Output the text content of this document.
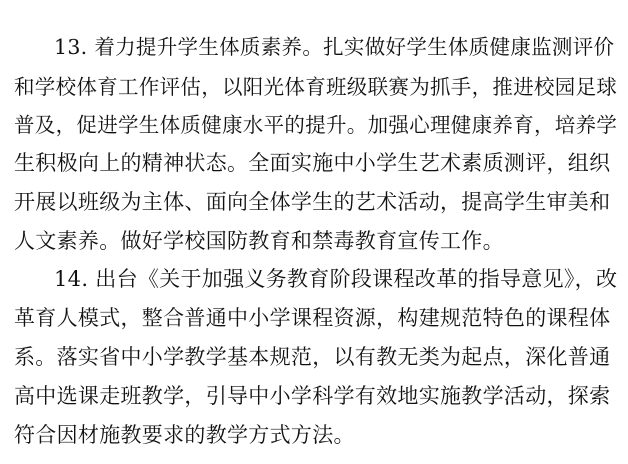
13. 着力提升学生体质素养。扎实做好学生体质健康监测评价
和学校体育工作评估，以阳光体育班级联赛为抓手，推进校园足球
普及，促进学生体质健康水平的提升。加强心理健康养育，培养学
生积极向上的精神状态。全面实施中小学生艺术素质测评，组织
开展以班级为主体、面向全体学生的艺术活动，提高学生审美和
人文素养。做好学校国防教育和禁毒教育宣传工作。
14. 出台《关于加强义务教育阶段课程改革的指导意见》，改
革育人模式，整合普通中小学课程资源，构建规范特色的课程体
系。落实省中小学教学基本规范，以有教无类为起点，深化普通
高中选课走班教学，引导中小学科学有效地实施教学活动，探索
符合因材施教要求的教学方式方法。
